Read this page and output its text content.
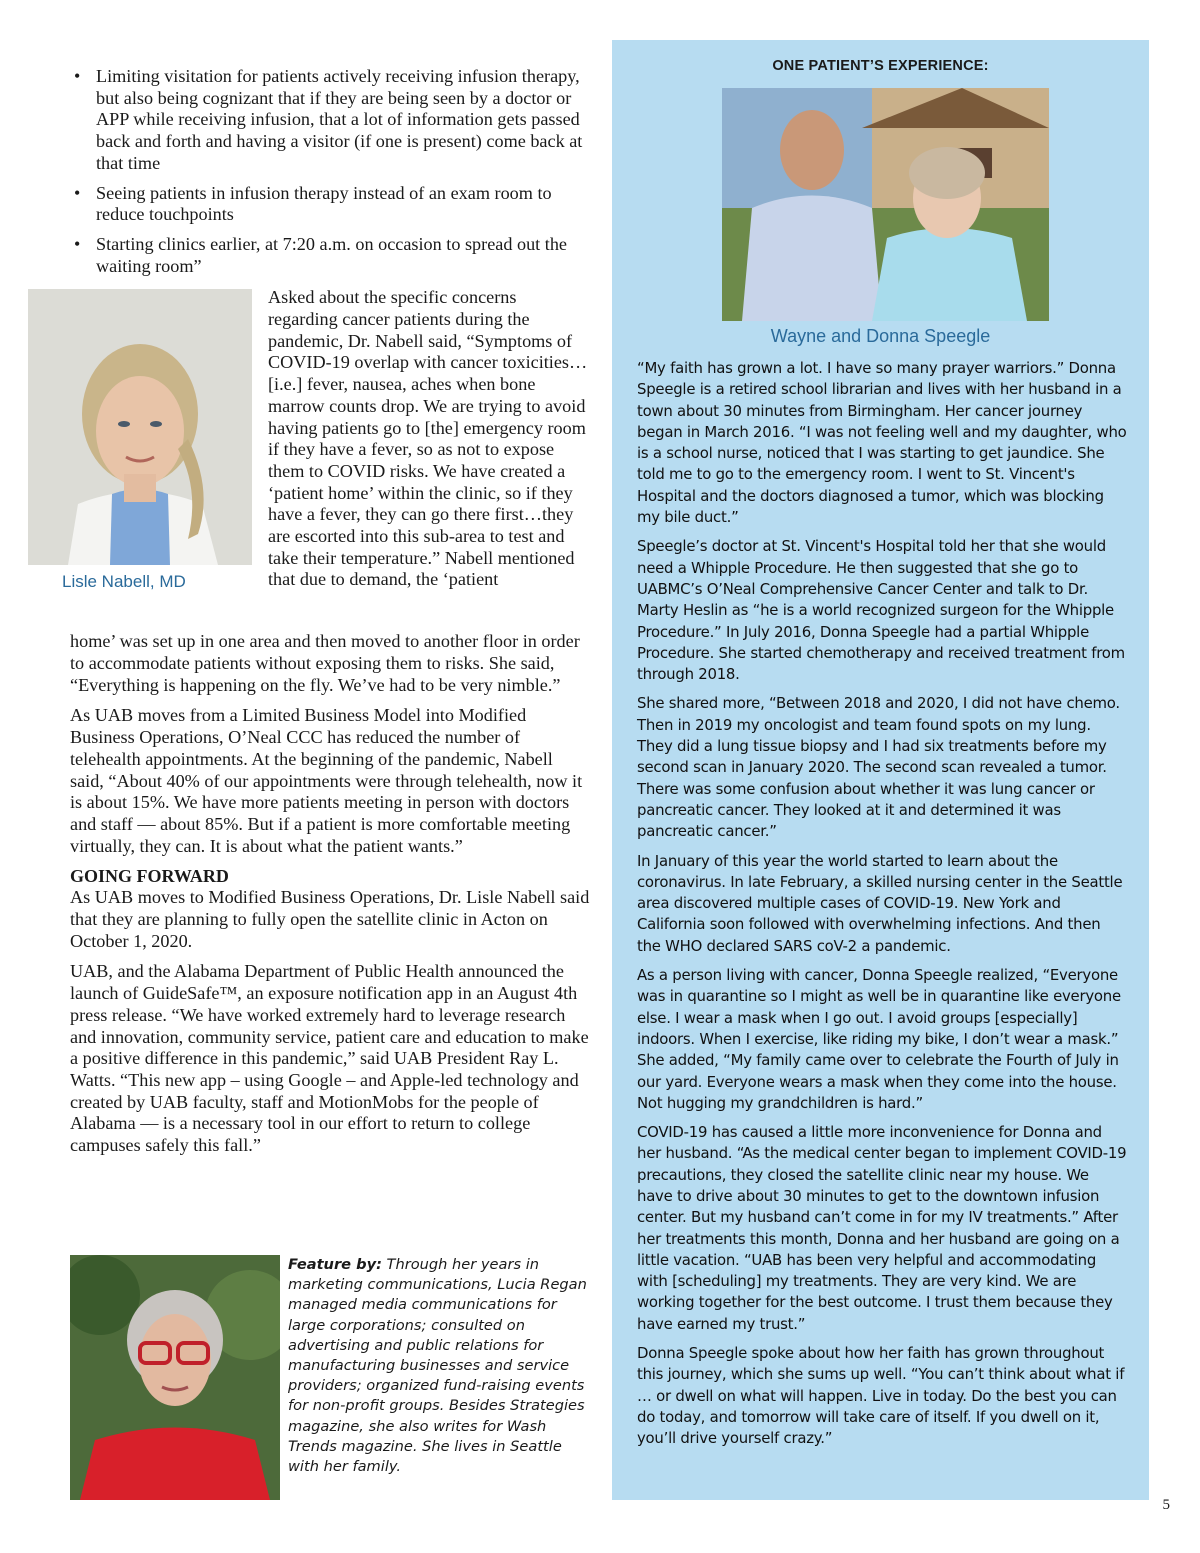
• Limiting visitation for patients actively receiving infusion therapy, but also being cognizant that if they are being seen by a doctor or APP while receiving infusion, that a lot of information gets passed back and forth and having a visitor (if one is present) come back at that time
• Seeing patients in infusion therapy instead of an exam room to reduce touchpoints
• Starting clinics earlier, at 7:20 a.m. on occasion to spread out the waiting room”
Lisle Nabell, MD

Asked about the specific concerns regarding cancer patients during the pandemic, Dr. Nabell said, “Symptoms of COVID-19 overlap with cancer toxicities…[i.e.] fever, nausea, aches when bone marrow counts drop. We are trying to avoid having patients go to [the] emergency room if they have a fever, so as not to expose them to COVID risks. We have created a ‘patient home’ within the clinic, so if they have a fever, they can go there first…they are escorted into this sub-area to test and take their temperature.” Nabell mentioned that due to demand, the ‘patient

home’ was set up in one area and then moved to another floor in order to accommodate patients without exposing them to risks. She said, “Everything is happening on the fly. We’ve had to be very nimble.”

As UAB moves from a Limited Business Model into Modified Business Operations, O’Neal CCC has reduced the number of telehealth appointments. At the beginning of the pandemic, Nabell said, “About 40% of our appointments were through telehealth, now it is about 15%. We have more patients meeting in person with doctors and staff — about 85%. But if a patient is more comfortable meeting virtually, they can. It is about what the patient wants.”

GOING FORWARD

As UAB moves to Modified Business Operations, Dr. Lisle Nabell said that they are planning to fully open the satellite clinic in Acton on October 1, 2020.

UAB, and the Alabama Department of Public Health announced the launch of GuideSafe™, an exposure notification app in an August 4th press release. “We have worked extremely hard to leverage research and innovation, community service, patient care and education to make a positive difference in this pandemic,” said UAB President Ray L. Watts. “This new app – using Google – and Apple-led technology and created by UAB faculty, staff and MotionMobs for the people of Alabama — is a necessary tool in our effort to return to college campuses safely this fall.”

Feature by: Through her years in marketing communications, Lucia Regan managed media communications for large corporations; consulted on advertising and public relations for manufacturing businesses and service providers; organized fund-raising events for non-profit groups. Besides Strategies magazine, she also writes for Wash Trends magazine. She lives in Seattle with her family.
ONE PATIENT’S EXPERIENCE:
Wayne and Donna Speegle

“My faith has grown a lot. I have so many prayer warriors.” Donna Speegle is a retired school librarian and lives with her husband in a town about 30 minutes from Birmingham. Her cancer journey began in March 2016. “I was not feeling well and my daughter, who is a school nurse, noticed that I was starting to get jaundice. She told me to go to the emergency room. I went to St. Vincent's Hospital and the doctors diagnosed a tumor, which was blocking my bile duct.”

Speegle’s doctor at St. Vincent's Hospital told her that she would need a Whipple Procedure. He then suggested that she go to UABMC’s O’Neal Comprehensive Cancer Center and talk to Dr. Marty Heslin as “he is a world recognized surgeon for the Whipple Procedure.” In July 2016, Donna Speegle had a partial Whipple Procedure. She started chemotherapy and received treatment from through 2018.

She shared more, “Between 2018 and 2020, I did not have chemo. Then in 2019 my oncologist and team found spots on my lung. They did a lung tissue biopsy and I had six treatments before my second scan in January 2020. The second scan revealed a tumor. There was some confusion about whether it was lung cancer or pancreatic cancer. They looked at it and determined it was pancreatic cancer.”

In January of this year the world started to learn about the coronavirus. In late February, a skilled nursing center in the Seattle area discovered multiple cases of COVID-19. New York and California soon followed with overwhelming infections. And then the WHO declared SARS coV-2 a pandemic.

As a person living with cancer, Donna Speegle realized, “Everyone was in quarantine so I might as well be in quarantine like everyone else. I wear a mask when I go out. I avoid groups [especially] indoors. When I exercise, like riding my bike, I don’t wear a mask.” She added, “My family came over to celebrate the Fourth of July in our yard. Everyone wears a mask when they come into the house. Not hugging my grandchildren is hard.”

COVID-19 has caused a little more inconvenience for Donna and her husband. “As the medical center began to implement COVID-19 precautions, they closed the satellite clinic near my house. We have to drive about 30 minutes to get to the downtown infusion center. But my husband can’t come in for my IV treatments.” After her treatments this month, Donna and her husband are going on a little vacation. “UAB has been very helpful and accommodating with [scheduling] my treatments. They are very kind. We are working together for the best outcome. I trust them because they have earned my trust.”

Donna Speegle spoke about how her faith has grown throughout this journey, which she sums up well. “You can’t think about what if … or dwell on what will happen. Live in today. Do the best you can do today, and tomorrow will take care of itself. If you dwell on it, you’ll drive yourself crazy.”

5
